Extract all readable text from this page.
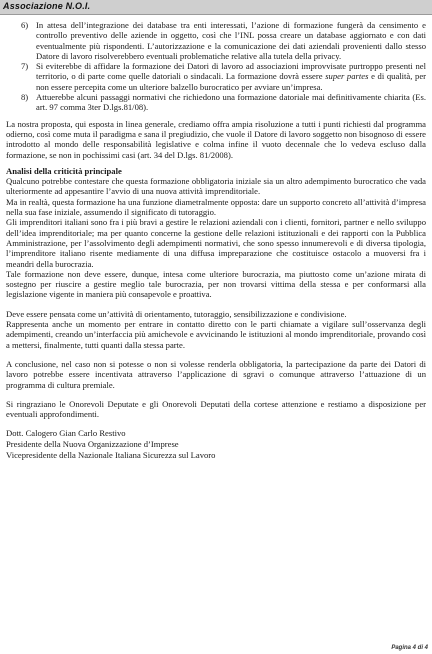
Associazione N.O.I.
6) In attesa dell’integrazione dei database tra enti interessati, l’azione di formazione fungerà da censimento e controllo preventivo delle aziende in oggetto, così che l’INL possa creare un database aggiornato e con dati eventualmente più rispondenti. L’autorizzazione e la comunicazione dei dati aziendali provenienti dallo stesso Datore di lavoro risolverebbero eventuali problematiche relative alla tutela della privacy.
7) Si eviterebbe di affidare la formazione dei Datori di lavoro ad associazioni improvvisate purtroppo presenti nel territorio, o di parte come quelle datoriali o sindacali. La formazione dovrà essere super partes e di qualità, per non essere percepita come un ulteriore balzello burocratico per avviare un’impresa.
8) Attuerebbe alcuni passaggi normativi che richiedono una formazione datoriale mai definitivamente chiarita (Es. art. 97 comma 3ter D.lgs.81/08).

La nostra proposta, qui esposta in linea generale, crediamo offra ampia risoluzione a tutti i punti richiesti dal programma odierno, così come muta il paradigma e sana il pregiudizio, che vuole il Datore di lavoro soggetto non bisognoso di essere introdotto al mondo delle responsabilità legislative e colma infine il vuoto decennale che lo vedeva escluso dalla formazione, se non in pochissimi casi (art. 34 del D.lgs. 81/2008).

Analisi della criticità principale

Qualcuno potrebbe contestare che questa formazione obbligatoria iniziale sia un altro adempimento burocratico che vada ulteriormente ad appesantire l’avvio di una nuova attività imprenditoriale.

Ma in realtà, questa formazione ha una funzione diametralmente opposta: dare un supporto concreto all’attività d’impresa nella sua fase iniziale, assumendo il significato di tutoraggio.

Gli imprenditori italiani sono fra i più bravi a gestire le relazioni aziendali con i clienti, fornitori, partner e nello sviluppo dell’idea imprenditoriale; ma per quanto concerne la gestione delle relazioni istituzionali e dei rapporti con la Pubblica Amministrazione, per l’assolvimento degli adempimenti normativi, che sono spesso innumerevoli e di diversa tipologia, l’imprenditore italiano risente mediamente di una diffusa impreparazione che costituisce ostacolo a muoversi fra i meandri della burocrazia.

Tale formazione non deve essere, dunque, intesa come ulteriore burocrazia, ma piuttosto come un’azione mirata di sostegno per riuscire a gestire meglio tale burocrazia, per non trovarsi vittima della stessa e per conformarsi alla legislazione vigente in maniera più consapevole e proattiva.

Deve essere pensata come un’attività di orientamento, tutoraggio, sensibilizzazione e condivisione.

Rappresenta anche un momento per entrare in contatto diretto con le parti chiamate a vigilare sull’osservanza degli adempimenti, creando un’interfaccia più amichevole e avvicinando le istituzioni al mondo imprenditoriale, provando così a mettersi, finalmente, tutti quanti dalla stessa parte.

A conclusione, nel caso non si potesse o non si volesse renderla obbligatoria, la partecipazione da parte dei Datori di lavoro potrebbe essere incentivata attraverso l’applicazione di sgravi o comunque attraverso l’attuazione di un programma di cultura premiale.

Si ringraziano le Onorevoli Deputate e gli Onorevoli Deputati della cortese attenzione e restiamo a disposizione per eventuali approfondimenti.

Dott. Calogero Gian Carlo Restivo
Presidente della Nuova Organizzazione d’Imprese
Vicepresidente della Nazionale Italiana Sicurezza sul Lavoro
Pagina 4 di 4
